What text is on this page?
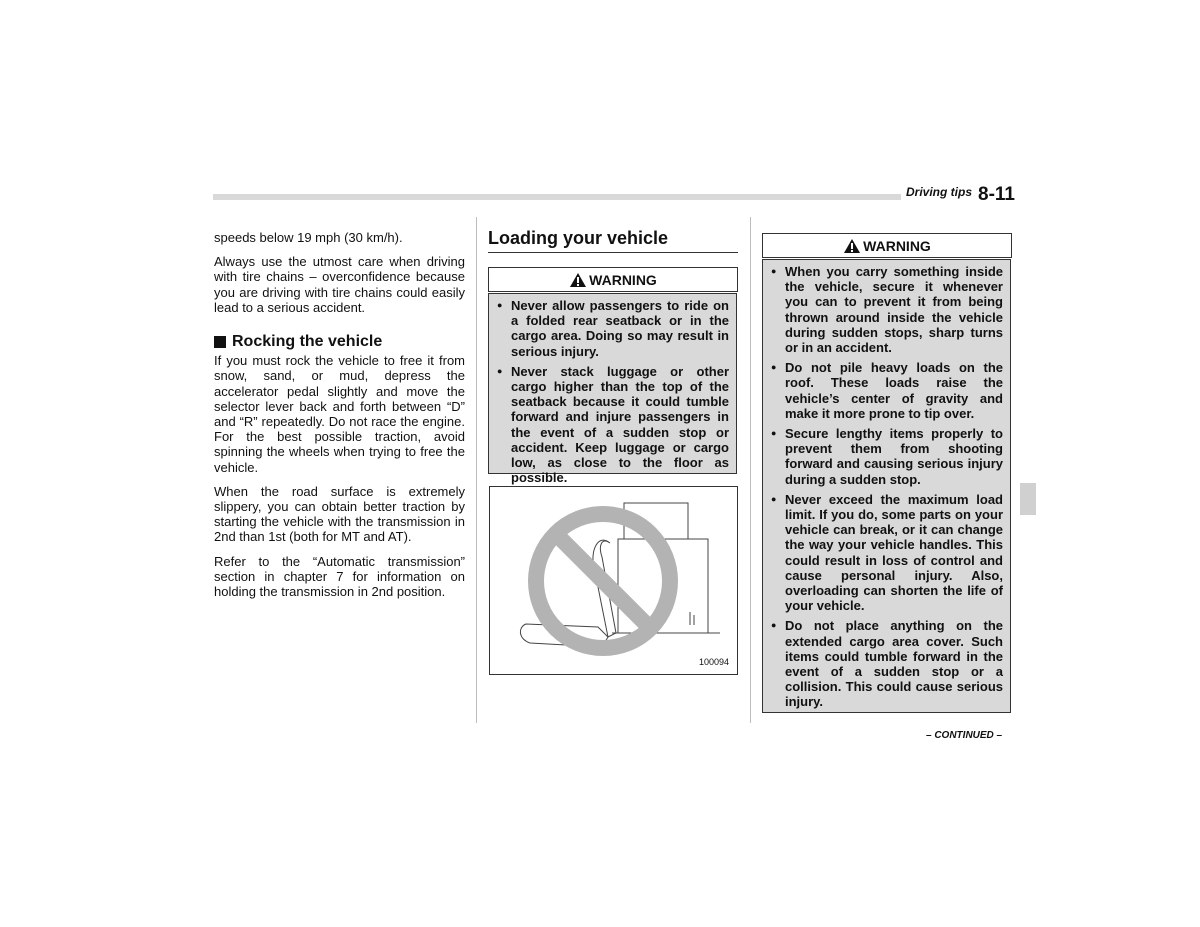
Driving tips 8-11

speeds below 19 mph (30 km/h).

Always use the utmost care when driving with tire chains – overconfidence because you are driving with tire chains could easily lead to a serious accident.

Rocking the vehicle

If you must rock the vehicle to free it from snow, sand, or mud, depress the accelerator pedal slightly and move the selector lever back and forth between “D” and “R” repeatedly. Do not race the engine. For the best possible traction, avoid spinning the wheels when trying to free the vehicle.

When the road surface is extremely slippery, you can obtain better traction by starting the vehicle with the transmission in 2nd than 1st (both for MT and AT).

Refer to the “Automatic transmission” section in chapter 7 for information on holding the transmission in 2nd position.

Loading your vehicle
WARNING
● Never allow passengers to ride on a folded rear seatback or in the cargo area. Doing so may result in serious injury.
● Never stack luggage or other cargo higher than the top of the seatback because it could tumble forward and injure passengers in the event of a sudden stop or accident. Keep luggage or cargo low, as close to the floor as possible.
100094
WARNING
● When you carry something inside the vehicle, secure it whenever you can to prevent it from being thrown around inside the vehicle during sudden stops, sharp turns or in an accident.
● Do not pile heavy loads on the roof. These loads raise the vehicle’s center of gravity and make it more prone to tip over.
● Secure lengthy items properly to prevent them from shooting forward and causing serious injury during a sudden stop.
● Never exceed the maximum load limit. If you do, some parts on your vehicle can break, or it can change the way your vehicle handles. This could result in loss of control and cause personal injury. Also, overloading can shorten the life of your vehicle.
● Do not place anything on the extended cargo area cover. Such items could tumble forward in the event of a sudden stop or a collision. This could cause serious injury.
– CONTINUED –
